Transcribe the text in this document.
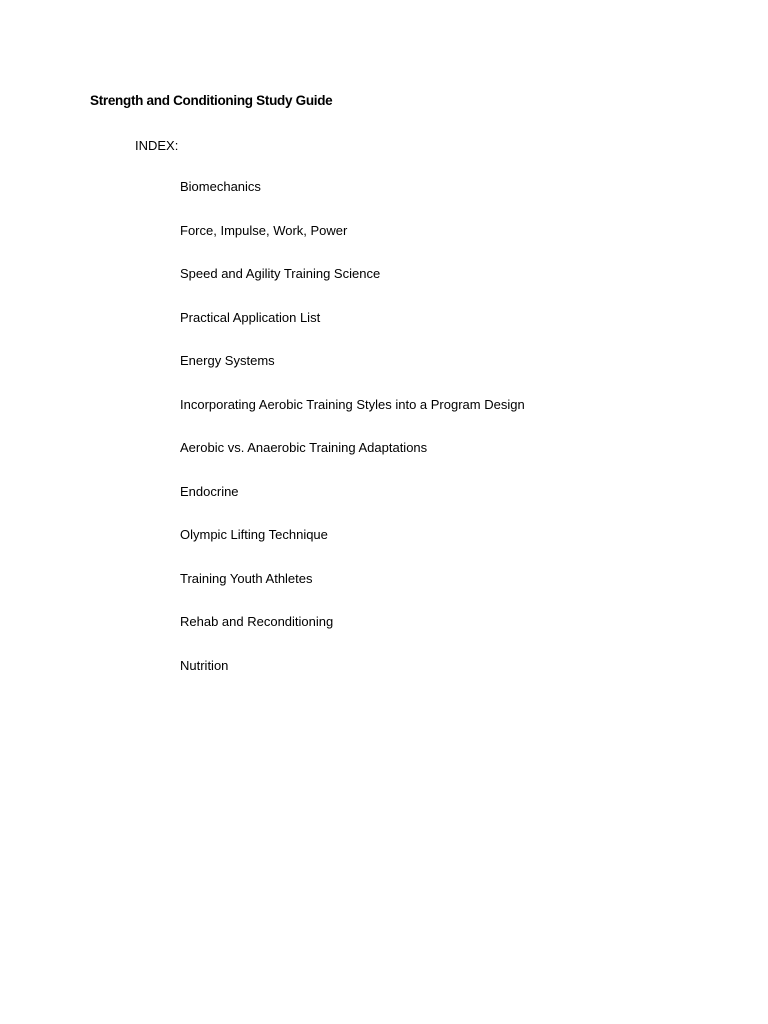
Strength and Conditioning Study Guide
INDEX:
Biomechanics
Force, Impulse, Work, Power
Speed and Agility Training Science
Practical Application List
Energy Systems
Incorporating Aerobic Training Styles into a Program Design
Aerobic vs. Anaerobic Training Adaptations
Endocrine
Olympic Lifting Technique
Training Youth Athletes
Rehab and Reconditioning
Nutrition
